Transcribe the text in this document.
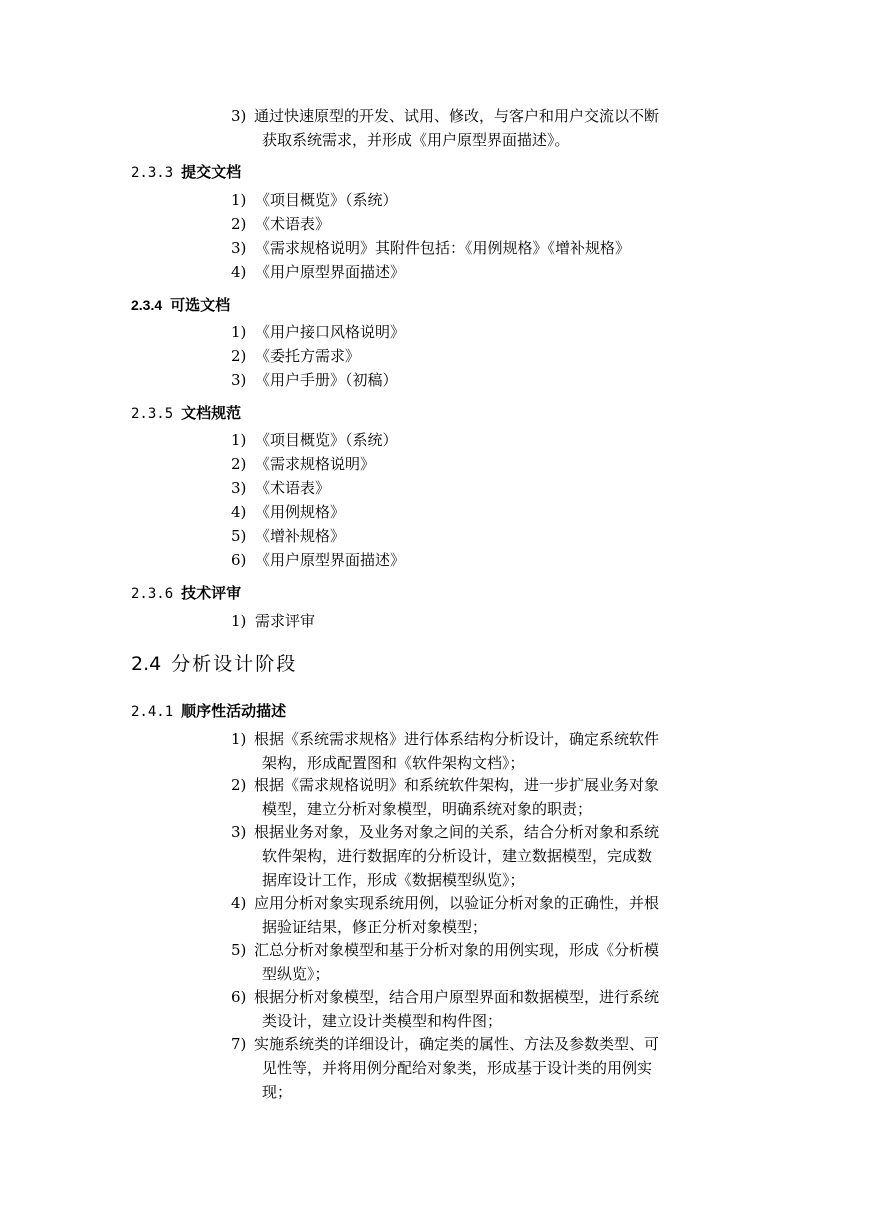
3) 通过快速原型的开发、试用、修改，与客户和用户交流以不断
获取系统需求，并形成《用户原型界面描述》。
2.3.3 提交文档
1) 《项目概览》（系统）
2) 《术语表》
3) 《需求规格说明》其附件包括：《用例规格》《增补规格》
4) 《用户原型界面描述》
2.3.4 可选文档
1) 《用户接口风格说明》
2) 《委托方需求》
3) 《用户手册》（初稿）
2.3.5 文档规范
1) 《项目概览》（系统）
2) 《需求规格说明》
3) 《术语表》
4) 《用例规格》
5) 《增补规格》
6) 《用户原型界面描述》
2.3.6 技术评审
1) 需求评审
2.4 分析设计阶段
2.4.1 顺序性活动描述
1) 根据《系统需求规格》进行体系结构分析设计，确定系统软件
架构，形成配置图和《软件架构文档》；
2) 根据《需求规格说明》和系统软件架构，进一步扩展业务对象
模型，建立分析对象模型，明确系统对象的职责；
3) 根据业务对象，及业务对象之间的关系，结合分析对象和系统
软件架构，进行数据库的分析设计，建立数据模型，完成数
据库设计工作，形成《数据模型纵览》；
4) 应用分析对象实现系统用例，以验证分析对象的正确性，并根
据验证结果，修正分析对象模型；
5) 汇总分析对象模型和基于分析对象的用例实现，形成《分析模
型纵览》；
6) 根据分析对象模型，结合用户原型界面和数据模型，进行系统
类设计，建立设计类模型和构件图；
7) 实施系统类的详细设计，确定类的属性、方法及参数类型、可
见性等，并将用例分配给对象类，形成基于设计类的用例实
现；
